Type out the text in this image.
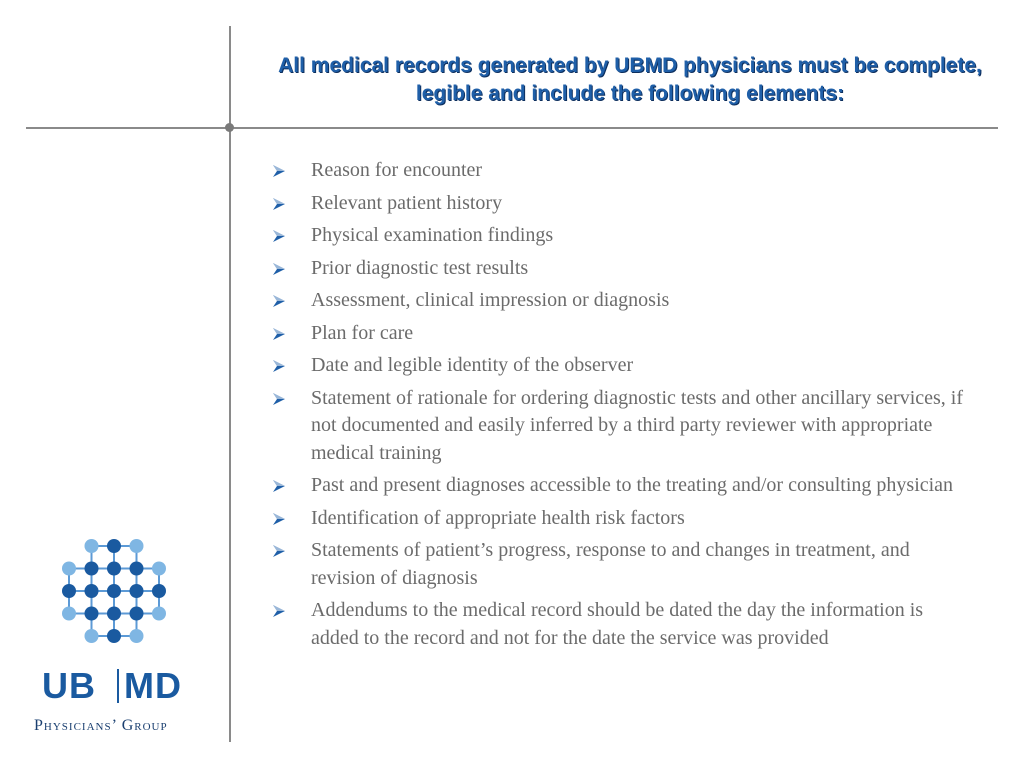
All medical records generated by UBMD physicians must be complete, legible and include the following elements:
Reason for encounter
Relevant patient history
Physical examination findings
Prior diagnostic test results
Assessment, clinical impression or diagnosis
Plan for care
Date and legible identity of the observer
Statement of rationale for ordering diagnostic tests and other ancillary services, if not documented and easily inferred by a third party reviewer with appropriate medical training
Past and present diagnoses accessible to the treating and/or consulting physician
Identification of appropriate health risk factors
Statements of patient’s progress, response to and changes in treatment, and revision of diagnosis
Addendums to the medical record should be dated the day the information is added to the record and not for the date the service was provided
UB MD
Physicians’ Group
